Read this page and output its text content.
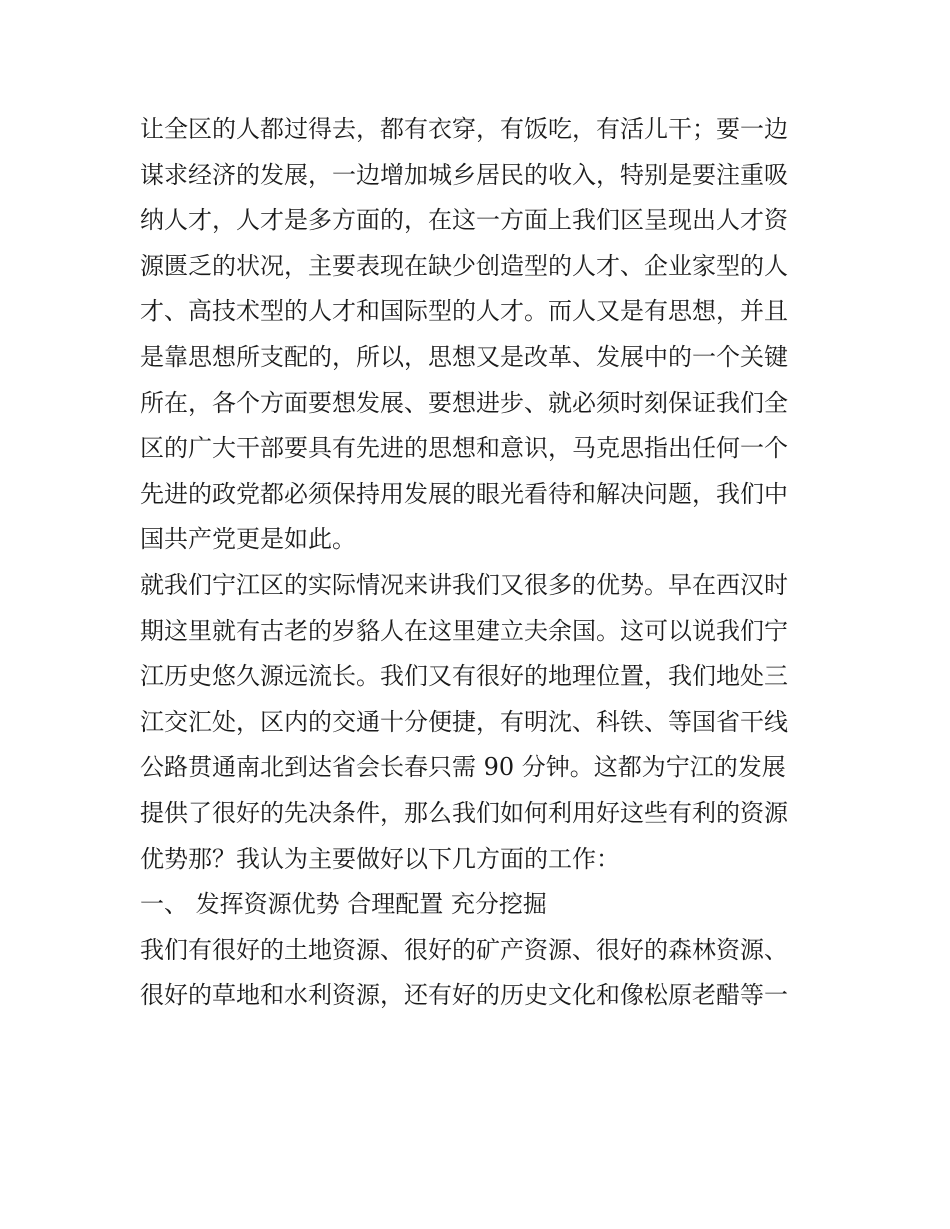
让全区的人都过得去，都有衣穿，有饭吃，有活儿干；要一边
谋求经济的发展，一边增加城乡居民的收入，特别是要注重吸
纳人才，人才是多方面的，在这一方面上我们区呈现出人才资
源匮乏的状况，主要表现在缺少创造型的人才、企业家型的人
才、高技术型的人才和国际型的人才。而人又是有思想，并且
是靠思想所支配的，所以，思想又是改革、发展中的一个关键
所在，各个方面要想发展、要想进步、就必须时刻保证我们全
区的广大干部要具有先进的思想和意识，马克思指出任何一个
先进的政党都必须保持用发展的眼光看待和解决问题，我们中
国共产党更是如此。
就我们宁江区的实际情况来讲我们又很多的优势。早在西汉时
期这里就有古老的岁貉人在这里建立夫余国。这可以说我们宁
江历史悠久源远流长。我们又有很好的地理位置，我们地处三
江交汇处，区内的交通十分便捷，有明沈、科铁、等国省干线
公路贯通南北到达省会长春只需 90 分钟。这都为宁江的发展
提供了很好的先决条件，那么我们如何利用好这些有利的资源
优势那？我认为主要做好以下几方面的工作：
一、 发挥资源优势 合理配置 充分挖掘
我们有很好的土地资源、很好的矿产资源、很好的森林资源、
很好的草地和水利资源，还有好的历史文化和像松原老醋等一
